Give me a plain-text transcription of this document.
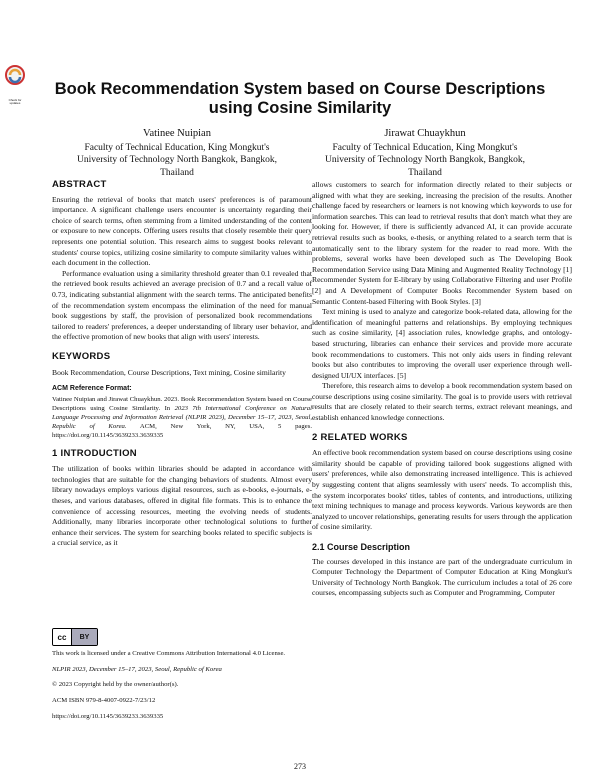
Check for updates
Book Recommendation System based on Course Descriptions using Cosine Similarity
Vatinee Nuipian
Faculty of Technical Education, King Mongkut's
University of Technology North Bangkok, Bangkok,
Thailand
Jirawat Chuaykhun
Faculty of Technical Education, King Mongkut's
University of Technology North Bangkok, Bangkok,
Thailand
ABSTRACT

Ensuring the retrieval of books that match users' preferences is of paramount importance. A significant challenge users encounter is uncertainty regarding their choice of search terms, often stemming from a limited understanding of the content or exposure to new concepts. Offering users results that closely resemble their query represents one potential solution. This research aims to suggest books relevant to students' course topics, utilizing cosine similarity to compute similarity values within each document in the collection.

Performance evaluation using a similarity threshold greater than 0.1 revealed that the retrieved book results achieved an average precision of 0.7 and a recall value of 0.73, indicating substantial alignment with the search terms. The anticipated benefits of the recommendation system encompass the elimination of the need for manual book suggestions by staff, the provision of personalized book recommendations tailored to readers' preferences, a deeper understanding of library user behavior, and the effective promotion of new books that align with users' interests.

KEYWORDS

Book Recommendation, Course Descriptions, Text mining, Cosine similarity

ACM Reference Format:

Vatinee Nuipian and Jirawat Chuaykhun. 2023. Book Recommendation System based on Course Descriptions using Cosine Similarity. In 2023 7th International Conference on Natural Language Processing and Information Retrieval (NLPIR 2023), December 15–17, 2023, Seoul, Republic of Korea. ACM, New York, NY, USA, 5 pages. https://doi.org/10.1145/3639233.3639335

1 INTRODUCTION

The utilization of books within libraries should be adapted in accordance with technologies that are suitable for the changing behaviors of students. Almost every library nowadays employs various digital resources, such as e-books, e-journals, e-theses, and various databases, offered in digital file formats. This is to enhance the convenience of accessing resources, meeting the evolving needs of students. Additionally, many libraries incorporate other technological solutions to further enhance their services. The system for searching books related to specific subjects is a crucial service, as it

cc	BY

This work is licensed under a Creative Commons Attribution International 4.0 License.

NLPIR 2023, December 15–17, 2023, Seoul, Republic of Korea

© 2023 Copyright held by the owner/author(s).

ACM ISBN 979-8-4007-0922-7/23/12

https://doi.org/10.1145/3639233.3639335

allows customers to search for information directly related to their subjects or aligned with what they are seeking, increasing the precision of the results. Another challenge faced by researchers or learners is not knowing which keywords to use for information searches. This can lead to retrieval results that don't match what they are looking for. However, if there is sufficiently advanced AI, it can provide accurate retrieval results such as books, e-thesis, or anything related to a search term that is automatically sent to the library system for the reader to read more. With the problems, several works have been developed such as The Developing Book Recommendation Service using Data Mining and Augmented Reality Technology [1] Recommender System for E-library by using Collaborative Filtering and user Profile [2] and A Development of Computer Books Recommender System based on Semantic Content-based Filtering with Book Styles. [3]

Text mining is used to analyze and categorize book-related data, allowing for the identification of meaningful patterns and relationships. By employing techniques such as cosine similarity, [4] association rules, knowledge graphs, and ontology-based structuring, libraries can enhance their services and provide more accurate book recommendations to customers. This not only aids users in finding relevant books but also contributes to improving the overall user experience through well-designed UI/UX interfaces. [5]

Therefore, this research aims to develop a book recommendation system based on course descriptions using cosine similarity. The goal is to provide users with retrieval results that are closely related to their search terms, extract relevant meanings, and establish enhanced knowledge connections.

2 RELATED WORKS

An effective book recommendation system based on course descriptions using cosine similarity should be capable of providing tailored book suggestions aligned with users' preferences, while also demonstrating increased intelligence. This is achieved by suggesting content that aligns seamlessly with users' needs. To accomplish this, the system incorporates books' titles, tables of contents, and introductions, utilizing text mining techniques to manage and process keywords. Various keywords are then analyzed to uncover relationships, generating results for users through the application of cosine similarity.

2.1 Course Description

The courses developed in this instance are part of the undergraduate curriculum in Computer Technology the Department of Computer Education at King Mongkut's University of Technology North Bangkok. The curriculum includes a total of 26 core courses, encompassing subjects such as Computer and Programming, Computer

273
